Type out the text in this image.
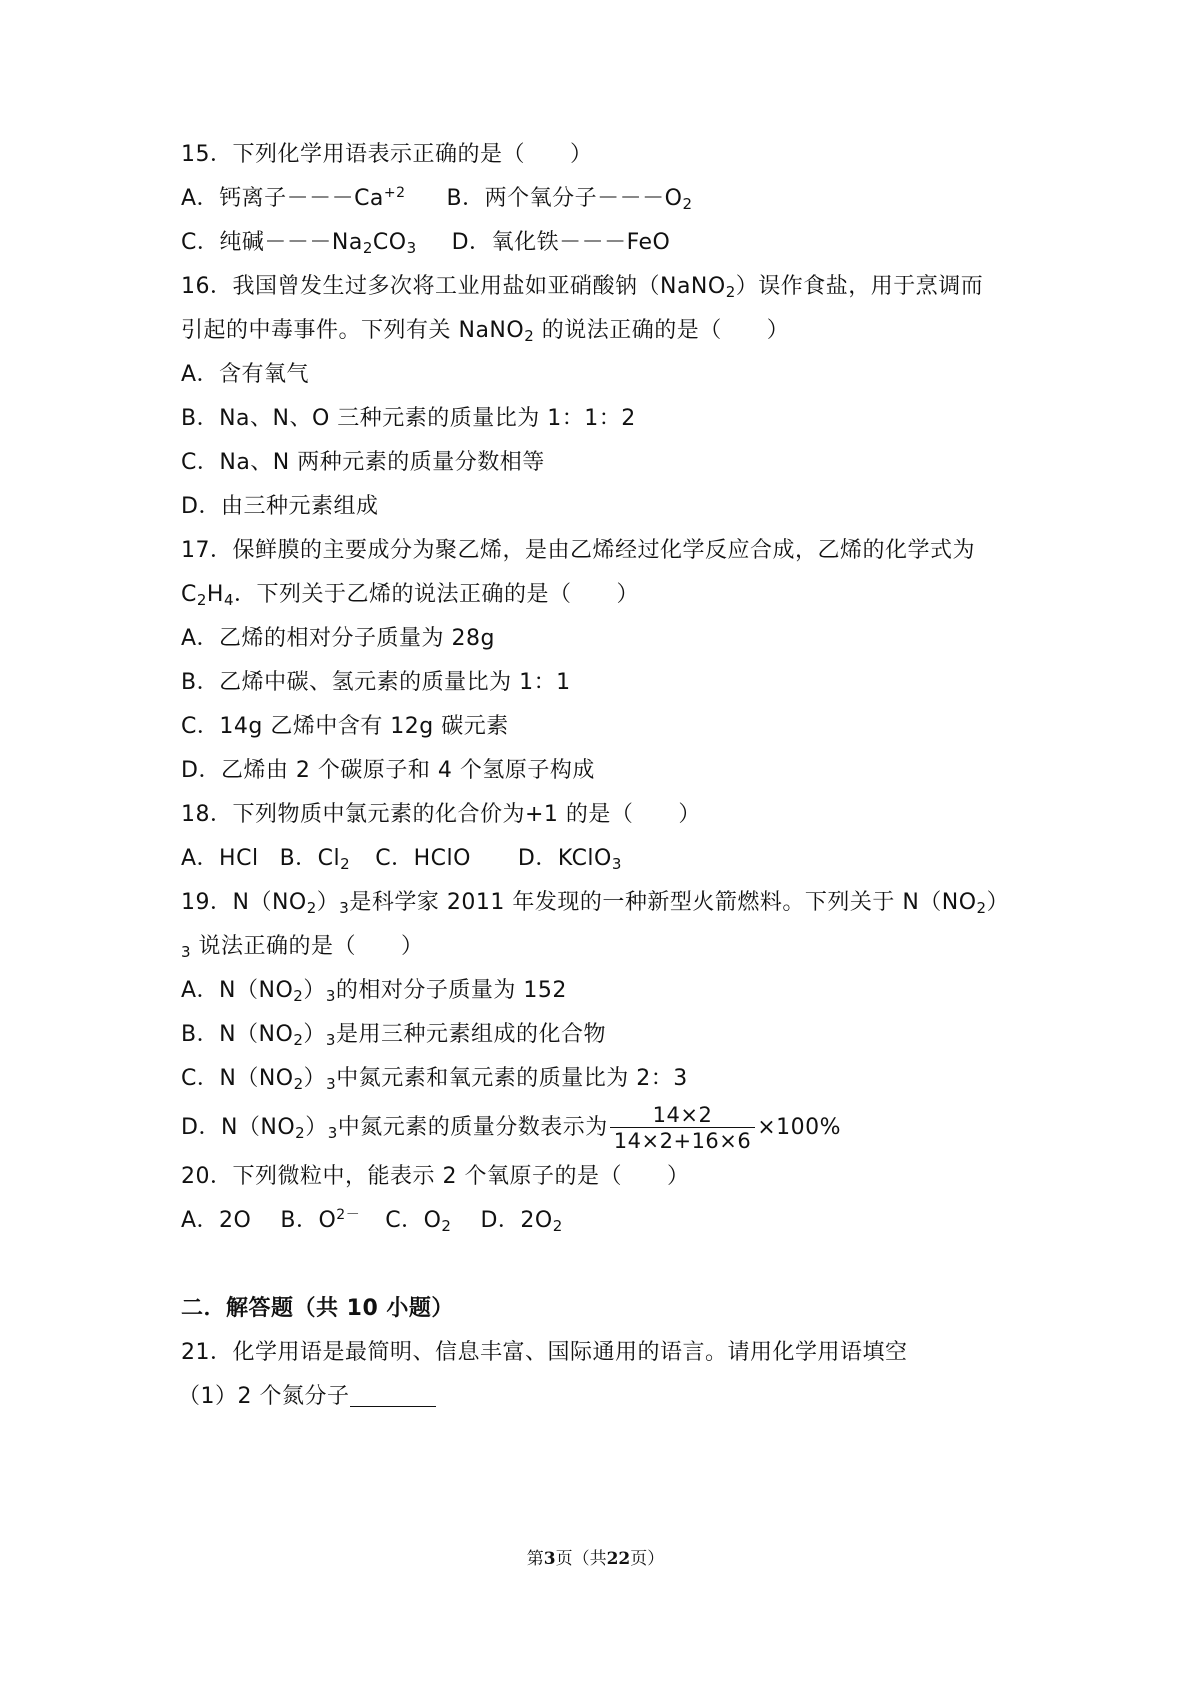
15．下列化学用语表示正确的是（　　）
A．钙离子$---Ca^{+2}$ B．两个氧分子$---O_2$
C．纯碱$---Na_2CO_3$ D．氧化铁－－－FeO
16．我国曾发生过多次将工业用盐如亚硝酸钠（NaNO$_2$）误作食盐，用于烹调而
引起的中毒事件。下列有关 NaNO$_2$ 的说法正确的是（　　）
A．含有氧气
B．Na、N、O 三种元素的质量比为 1：1：2
C．Na、N 两种元素的质量分数相等
D．由三种元素组成
17．保鲜膜的主要成分为聚乙烯，是由乙烯经过化学反应合成，乙烯的化学式为
$C_2H_4$．下列关于乙烯的说法正确的是（　　）
A．乙烯的相对分子质量为 28g
B．乙烯中碳、氢元素的质量比为 1：1
C．14g 乙烯中含有 12g 碳元素
D．乙烯由 2 个碳原子和 4 个氢原子构成
18．下列物质中氯元素的化合价为+1 的是（　　）
A．HCl B．$Cl_2$ C．HClO D．KClO$_3$
19．$N(NO_2)_3$是科学家 2011 年发现的一种新型火箭燃料。下列关于 $N(NO_2)$
$_3$ 说法正确的是（　　）
A．$N(NO_2)_3$的相对分子质量为 152
B．$N(NO_2)_3$是用三种元素组成的化合物
C．$N(NO_2)_3$中氮元素和氧元素的质量比为 2：3
D．$N(NO_2)_3$中氮元素的质量分数表示为 $\frac{14\times 2}{14\times 2+16\times 6} \times 100\%$
20．下列微粒中，能表示 2 个氧原子的是（　　）
A．2O B．$O^{2-}$ C．$O_2$ D．$2O_2$
二．解答题（共 10 小题）
21．化学用语是最简明、信息丰富、国际通用的语言。请用化学用语填空
（1）2 个氮分子
第3页（共22页）
